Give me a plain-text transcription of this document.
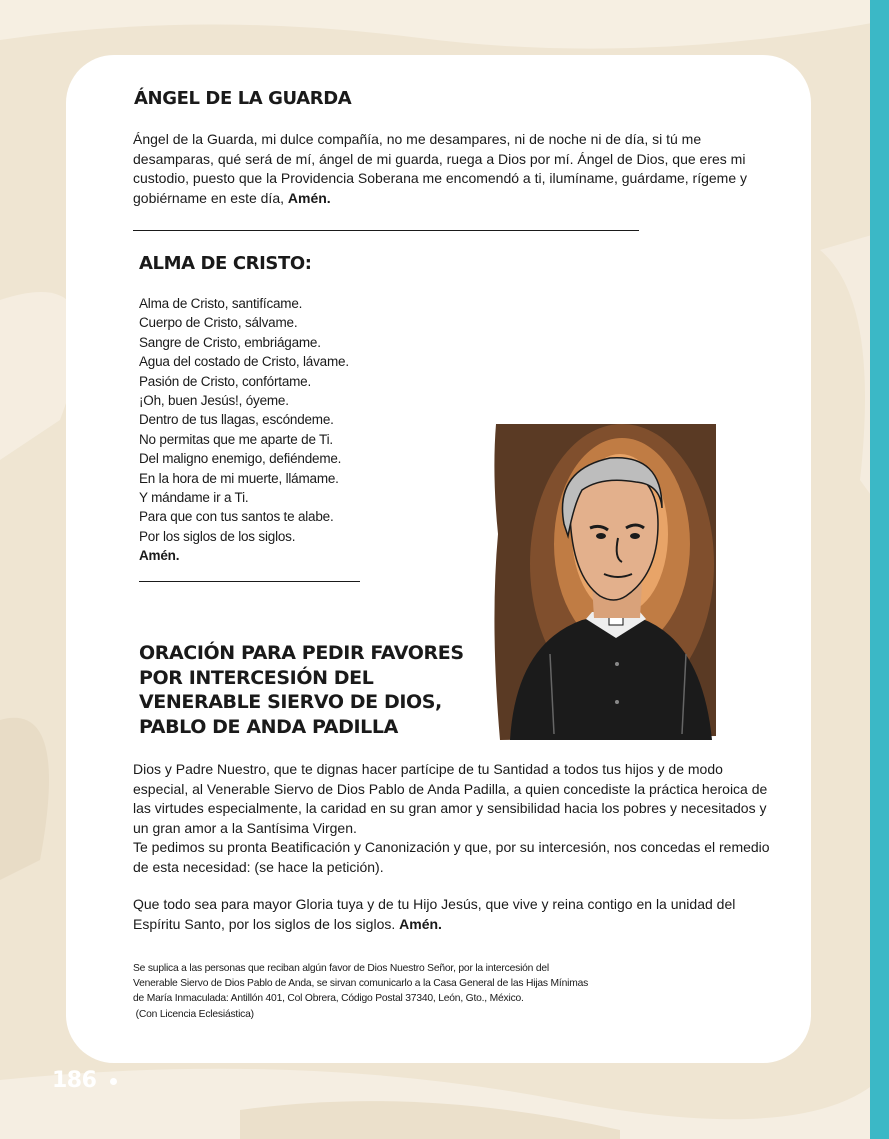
ÁNGEL DE LA GUARDA

Ángel de la Guarda, mi dulce compañía, no me desampares, ni de noche ni de día, si tú me desamparas, qué será de mí, ángel de mi guarda, ruega a Dios por mí. Ángel de Dios, que eres mi custodio, puesto que la Providencia Soberana me encomendó a ti, ilumíname, guárdame, rígeme y gobiérname en este día, Amén.

ALMA DE CRISTO:
Alma de Cristo, santifícame.
Cuerpo de Cristo, sálvame.
Sangre de Cristo, embriágame.
Agua del costado de Cristo, lávame.
Pasión de Cristo, confórtame.
¡Oh, buen Jesús!, óyeme.
Dentro de tus llagas, escóndeme.
No permitas que me aparte de Ti.
Del maligno enemigo, defiéndeme.
En la hora de mi muerte, llámame.
Y mándame ir a Ti.
Para que con tus santos te alabe.
Por los siglos de los siglos.
Amén.
ORACIÓN PARA PEDIR FAVORES
POR INTERCESIÓN DEL
VENERABLE SIERVO DE DIOS,
PABLO DE ANDA PADILLA
Dios y Padre Nuestro, que te dignas hacer partícipe de tu Santidad a todos tus hijos y de modo especial, al Venerable Siervo de Dios Pablo de Anda Padilla, a quien concediste la práctica heroica de las virtudes especialmente, la caridad en su gran amor y sensibilidad hacia los pobres y necesitados y un gran amor a la Santísima Virgen.
Te pedimos su pronta Beatificación y Canonización y que, por su intercesión, nos concedas el remedio de esta necesidad: (se hace la petición).

Que todo sea para mayor Gloria tuya y de tu Hijo Jesús, que vive y reina contigo en la unidad del Espíritu Santo, por los siglos de los siglos. Amén.

Se suplica a las personas que reciban algún favor de Dios Nuestro Señor, por la intercesión del
Venerable Siervo de Dios Pablo de Anda, se sirvan comunicarlo a la Casa General de las Hijas Mínimas
de María Inmaculada: Antillón 401, Col Obrera, Código Postal 37340, León, Gto., México.
(Con Licencia Eclesiástica)

186
